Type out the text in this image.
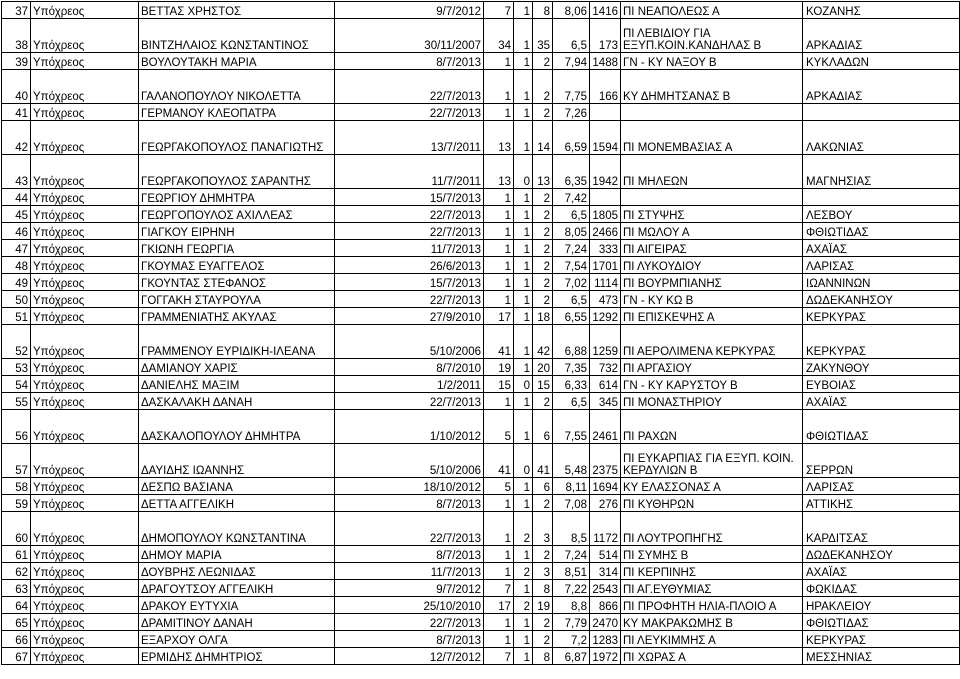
37	Υπόχρεος	ΒΕΤΤΑΣ ΧΡΗΣΤΟΣ	9/7/2012	7	1	8	8,06	1416	ΠΙ ΝΕΑΠΟΛΕΩΣ Α	ΚΟΖΑΝΗΣ
38	Υπόχρεος	ΒΙΝΤΖΗΛΑΙΟΣ ΚΩΝΣΤΑΝΤΙΝΟΣ	30/11/2007	34	1	35	6,5	173	ΠΙ ΛΕΒΙΔΙΟΥ ΓΙΑ ΕΞΥΠ.ΚΟΙΝ.ΚΑΝΔΗΛΑΣ Β	ΑΡΚΑΔΙΑΣ
39	Υπόχρεος	ΒΟΥΛΟΥΤΑΚΗ ΜΑΡΙΑ	8/7/2013	1	1	2	7,94	1488	ΓΝ - ΚΥ ΝΑΞΟΥ Β	ΚΥΚΛΑΔΩΝ
40	Υπόχρεος	ΓΑΛΑΝΟΠΟΥΛΟΥ ΝΙΚΟΛΕΤΤΑ	22/7/2013	1	1	2	7,75	166	ΚΥ ΔΗΜΗΤΣΑΝΑΣ Β	ΑΡΚΑΔΙΑΣ
41	Υπόχρεος	ΓΕΡΜΑΝΟΥ ΚΛΕΟΠΑΤΡΑ	22/7/2013	1	1	2	7,26			
42	Υπόχρεος	ΓΕΩΡΓΑΚΟΠΟΥΛΟΣ ΠΑΝΑΓΙΩΤΗΣ	13/7/2011	13	1	14	6,59	1594	ΠΙ ΜΟΝΕΜΒΑΣΙΑΣ Α	ΛΑΚΩΝΙΑΣ
43	Υπόχρεος	ΓΕΩΡΓΑΚΟΠΟΥΛΟΣ ΣΑΡΑΝΤΗΣ	11/7/2011	13	0	13	6,35	1942	ΠΙ ΜΗΛΕΩΝ	ΜΑΓΝΗΣΙΑΣ
44	Υπόχρεος	ΓΕΩΡΓΙΟΥ ΔΗΜΗΤΡΑ	15/7/2013	1	1	2	7,42			
45	Υπόχρεος	ΓΕΩΡΓΟΠΟΥΛΟΣ ΑΧΙΛΛΕΑΣ	22/7/2013	1	1	2	6,5	1805	ΠΙ ΣΤΥΨΗΣ	ΛΕΣΒΟΥ
46	Υπόχρεος	ΓΙΑΓΚΟΥ ΕΙΡΗΝΗ	22/7/2013	1	1	2	8,05	2466	ΠΙ ΜΩΛΟΥ Α	ΦΘΙΩΤΙΔΑΣ
47	Υπόχρεος	ΓΚΙΩΝΗ ΓΕΩΡΓΙΑ	11/7/2013	1	1	2	7,24	333	ΠΙ ΑΙΓΕΙΡΑΣ	ΑΧΑΪΑΣ
48	Υπόχρεος	ΓΚΟΥΜΑΣ ΕΥΑΓΓΕΛΟΣ	26/6/2013	1	1	2	7,54	1701	ΠΙ ΛΥΚΟΥΔΙΟΥ	ΛΑΡΙΣΑΣ
49	Υπόχρεος	ΓΚΟΥΝΤΑΣ ΣΤΕΦΑΝΟΣ	15/7/2013	1	1	2	7,02	1114	ΠΙ ΒΟΥΡΜΠΙΑΝΗΣ	ΙΩΑΝΝΙΝΩΝ
50	Υπόχρεος	ΓΟΓΓΑΚΗ ΣΤΑΥΡΟΥΛΑ	22/7/2013	1	1	2	6,5	473	ΓΝ - ΚΥ ΚΩ Β	ΔΩΔΕΚΑΝΗΣΟΥ
51	Υπόχρεος	ΓΡΑΜΜΕΝΙΑΤΗΣ ΑΚΥΛΑΣ	27/9/2010	17	1	18	6,55	1292	ΠΙ ΕΠΙΣΚΕΨΗΣ Α	ΚΕΡΚΥΡΑΣ
52	Υπόχρεος	ΓΡΑΜΜΕΝΟΥ ΕΥΡΙΔΙΚΗ-ΙΛΕΑΝΑ	5/10/2006	41	1	42	6,88	1259	ΠΙ ΑΕΡΟΛΙΜΕΝΑ ΚΕΡΚΥΡΑΣ	ΚΕΡΚΥΡΑΣ
53	Υπόχρεος	ΔΑΜΙΑΝΟΥ ΧΑΡΙΣ	8/7/2010	19	1	20	7,35	732	ΠΙ ΑΡΓΑΣΙΟΥ	ΖΑΚΥΝΘΟΥ
54	Υπόχρεος	ΔΑΝΙΕΛΗΣ ΜΑΞΙΜ	1/2/2011	15	0	15	6,33	614	ΓΝ - ΚΥ ΚΑΡΥΣΤΟΥ Β	ΕΥΒΟΙΑΣ
55	Υπόχρεος	ΔΑΣΚΑΛΑΚΗ ΔΑΝΑΗ	22/7/2013	1	1	2	6,5	345	ΠΙ ΜΟΝΑΣΤΗΡΙΟΥ	ΑΧΑΪΑΣ
56	Υπόχρεος	ΔΑΣΚΑΛΟΠΟΥΛΟΥ ΔΗΜΗΤΡΑ	1/10/2012	5	1	6	7,55	2461	ΠΙ ΡΑΧΩΝ	ΦΘΙΩΤΙΔΑΣ
57	Υπόχρεος	ΔΑΥΙΔΗΣ ΙΩΑΝΝΗΣ	5/10/2006	41	0	41	5,48	2375	ΠΙ ΕΥΚΑΡΠΙΑΣ ΓΙΑ ΕΞΥΠ. ΚΟΙΝ. ΚΕΡΔΥΛΙΩΝ Β	ΣΕΡΡΩΝ
58	Υπόχρεος	ΔΕΣΠΩ ΒΑΣΙΑΝΑ	18/10/2012	5	1	6	8,11	1694	ΚΥ ΕΛΑΣΣΟΝΑΣ Α	ΛΑΡΙΣΑΣ
59	Υπόχρεος	ΔΕΤΤΑ ΑΓΓΕΛΙΚΗ	8/7/2013	1	1	2	7,08	276	ΠΙ ΚΥΘΗΡΩΝ	ΑΤΤΙΚΗΣ
60	Υπόχρεος	ΔΗΜΟΠΟΥΛΟΥ ΚΩΝΣΤΑΝΤΙΝΑ	22/7/2013	1	2	3	8,5	1172	ΠΙ ΛΟΥΤΡΟΠΗΓΗΣ	ΚΑΡΔΙΤΣΑΣ
61	Υπόχρεος	ΔΗΜΟΥ ΜΑΡΙΑ	8/7/2013	1	1	2	7,24	514	ΠΙ ΣΥΜΗΣ Β	ΔΩΔΕΚΑΝΗΣΟΥ
62	Υπόχρεος	ΔΟΥΒΡΗΣ ΛΕΩΝΙΔΑΣ	11/7/2013	1	2	3	8,51	314	ΠΙ ΚΕΡΠΙΝΗΣ	ΑΧΑΪΑΣ
63	Υπόχρεος	ΔΡΑΓΟΥΤΣΟΥ ΑΓΓΕΛΙΚΗ	9/7/2012	7	1	8	7,22	2543	ΠΙ ΑΓ.ΕΥΘΥΜΙΑΣ	ΦΩΚΙΔΑΣ
64	Υπόχρεος	ΔΡΑΚΟΥ ΕΥΤΥΧΙΑ	25/10/2010	17	2	19	8,8	866	ΠΙ ΠΡΟΦΗΤΗ ΗΛΙΑ-ΠΛΟΙΟ Α	ΗΡΑΚΛΕΙΟΥ
65	Υπόχρεος	ΔΡΑΜΙΤΙΝΟΥ ΔΑΝΑΗ	22/7/2013	1	1	2	7,79	2470	ΚΥ ΜΑΚΡΑΚΩΜΗΣ Β	ΦΘΙΩΤΙΔΑΣ
66	Υπόχρεος	ΕΞΑΡΧΟΥ ΟΛΓΑ	8/7/2013	1	1	2	7,2	1283	ΠΙ ΛΕΥΚΙΜΜΗΣ Α	ΚΕΡΚΥΡΑΣ
67	Υπόχρεος	ΕΡΜΙΔΗΣ ΔΗΜΗΤΡΙΟΣ	12/7/2012	7	1	8	6,87	1972	ΠΙ ΧΩΡΑΣ Α	ΜΕΣΣΗΝΙΑΣ
